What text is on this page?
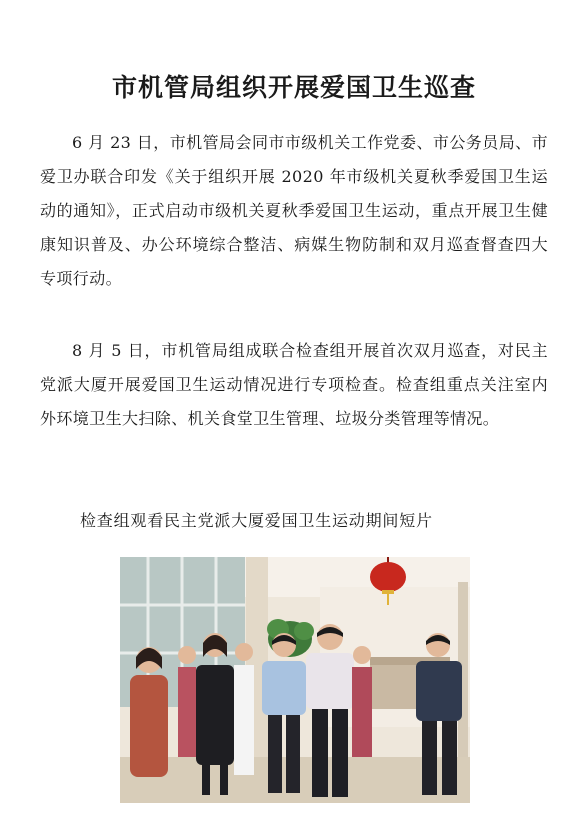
市机管局组织开展爱国卫生巡查

6 月 23 日，市机管局会同市市级机关工作党委、市公务员局、市爱卫办联合印发《关于组织开展 2020 年市级机关夏秋季爱国卫生运动的通知》，正式启动市级机关夏秋季爱国卫生运动，重点开展卫生健康知识普及、办公环境综合整洁、病媒生物防制和双月巡查督查四大专项行动。

8 月 5 日，市机管局组成联合检查组开展首次双月巡查，对民主党派大厦开展爱国卫生运动情况进行专项检查。检查组重点关注室内外环境卫生大扫除、机关食堂卫生管理、垃圾分类管理等情况。

检查组观看民主党派大厦爱国卫生运动期间短片
